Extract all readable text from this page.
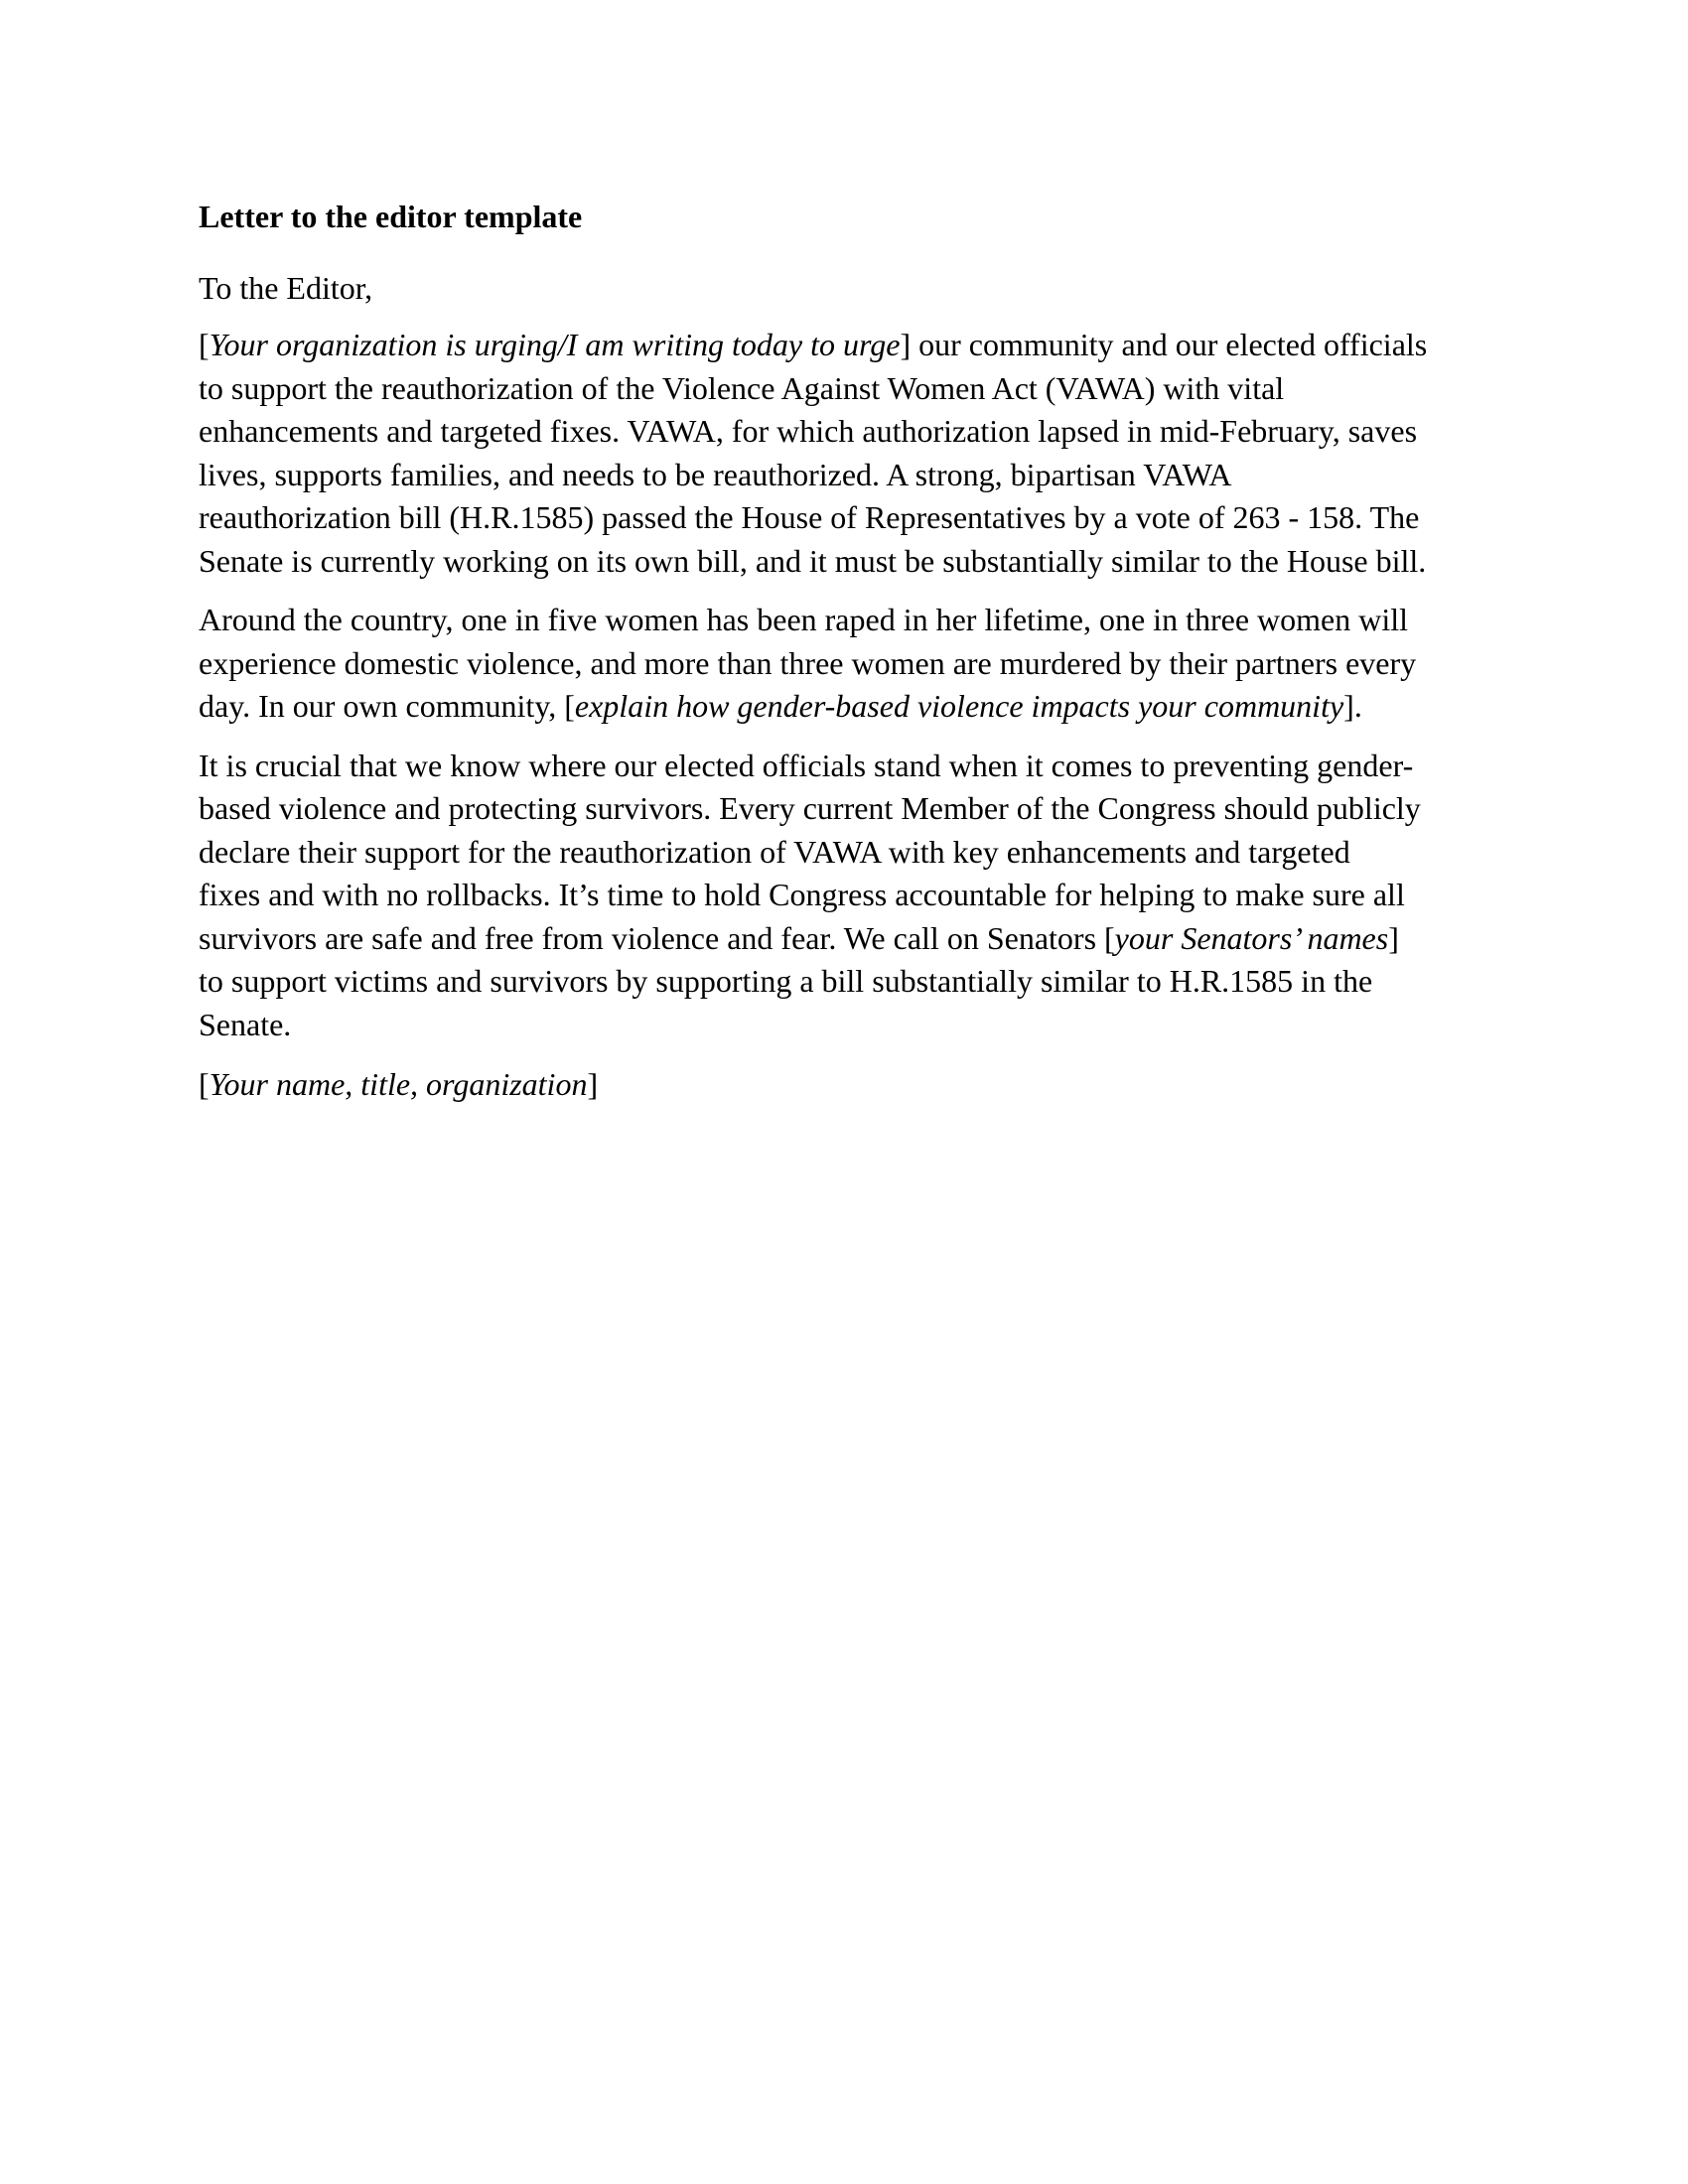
Letter to the editor template
To the Editor,
[Your organization is urging/I am writing today to urge] our community and our elected officials
to support the reauthorization of the Violence Against Women Act (VAWA) with vital
enhancements and targeted fixes. VAWA, for which authorization lapsed in mid-February, saves
lives, supports families, and needs to be reauthorized. A strong, bipartisan VAWA
reauthorization bill (H.R.1585) passed the House of Representatives by a vote of 263 - 158. The
Senate is currently working on its own bill, and it must be substantially similar to the House bill.
Around the country, one in five women has been raped in her lifetime, one in three women will
experience domestic violence, and more than three women are murdered by their partners every
day. In our own community, [explain how gender-based violence impacts your community].
It is crucial that we know where our elected officials stand when it comes to preventing gender-
based violence and protecting survivors. Every current Member of the Congress should publicly
declare their support for the reauthorization of VAWA with key enhancements and targeted
fixes and with no rollbacks. It’s time to hold Congress accountable for helping to make sure all
survivors are safe and free from violence and fear. We call on Senators [your Senators’ names]
to support victims and survivors by supporting a bill substantially similar to H.R.1585 in the
Senate.
[Your name, title, organization]
